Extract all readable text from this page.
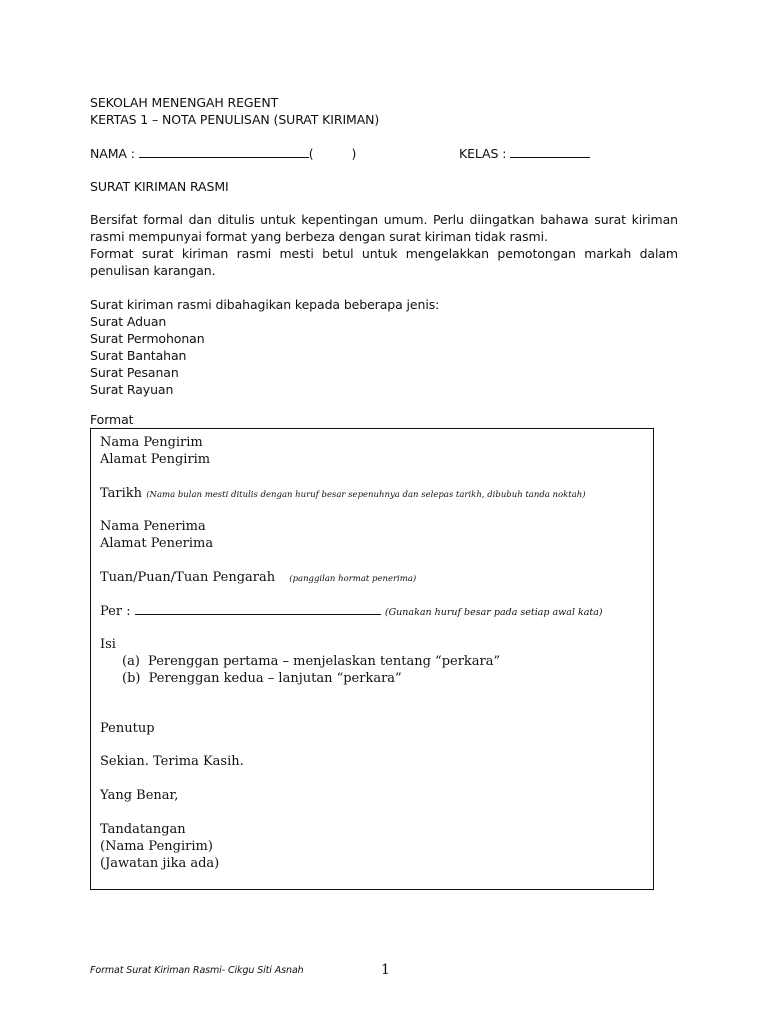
SEKOLAH MENENGAH REGENT
KERTAS 1 – NOTA PENULISAN (SURAT KIRIMAN)
NAMA :	(	)	KELAS :
SURAT KIRIMAN RASMI
Bersifat formal dan ditulis untuk kepentingan umum. Perlu diingatkan bahawa surat kiriman rasmi mempunyai format yang berbeza dengan surat kiriman tidak rasmi.
Format surat kiriman rasmi mesti betul untuk mengelakkan pemotongan markah dalam penulisan karangan.
Surat kiriman rasmi dibahagikan kepada beberapa jenis:
Surat Aduan
Surat Permohonan
Surat Bantahan
Surat Pesanan
Surat Rayuan
Format
Nama Pengirim
Alamat Pengirim
Tarikh (Nama bulan mesti ditulis dengan huruf besar sepenuhnya dan selepas tarikh, dibubuh tanda noktah)
Nama Penerima
Alamat Penerima
Tuan/Puan/Tuan Pengarah (panggilan hormat penerima)
Per :	(Gunakan huruf besar pada setiap awal kata)
Isi
(a) Perenggan pertama – menjelaskan tentang “perkara”
(b) Perenggan kedua – lanjutan “perkara”
Penutup
Sekian. Terima Kasih.
Yang Benar,
Tandatangan
(Nama Pengirim)
(Jawatan jika ada)
Format Surat Kiriman Rasmi- Cikgu Siti Asnah	1
